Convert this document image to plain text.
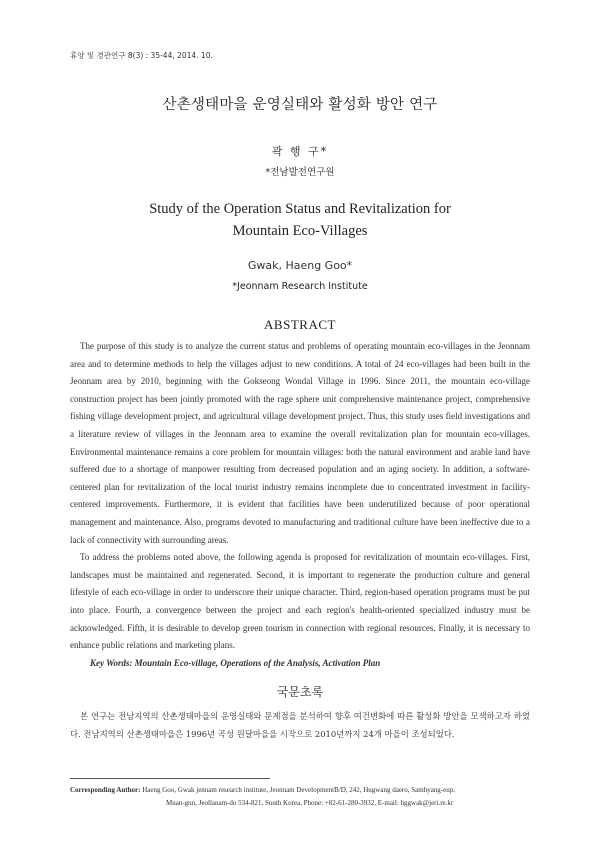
휴양 및 경관연구 8(3) : 35-44, 2014. 10.
산촌생태마을 운영실태와 활성화 방안 연구
곽 행 구*
*전남발전연구원
Study of the Operation Status and Revitalization for
Mountain Eco-Villages
Gwak, Haeng Goo*
*Jeonnam Research Institute
ABSTRACT

The purpose of this study is to analyze the current status and problems of operating mountain eco-villages in the Jeonnam area and to determine methods to help the villages adjust to new conditions. A total of 24 eco-villages had been built in the Jeonnam area by 2010, beginning with the Gokseong Wondal Village in 1996. Since 2011, the mountain eco-village construction project has been jointly promoted with the rage sphere unit comprehensive maintenance project, comprehensive fishing village development project, and agricultural village development project. Thus, this study uses field investigations and a literature review of villages in the Jeonnam area to examine the overall revitalization plan for mountain eco-villages. Environmental maintenance remains a core problem for mountain villages: both the natural environment and arable land have suffered due to a shortage of manpower resulting from decreased population and an aging society. In addition, a software-centered plan for revitalization of the local tourist industry remains incomplete due to concentrated investment in facility-centered improvements. Furthermore, it is evident that facilities have been underutilized because of poor operational management and maintenance. Also, programs devoted to manufacturing and traditional culture have been ineffective due to a lack of connectivity with surrounding areas.

To address the problems noted above, the following agenda is proposed for revitalization of mountain eco-villages. First, landscapes must be maintained and regenerated. Second, it is important to regenerate the production culture and general lifestyle of each eco-village in order to underscore their unique character. Third, region-based operation programs must be put into place. Fourth, a convergence between the project and each region's health-oriented specialized industry must be acknowledged. Fifth, it is desirable to develop green tourism in connection with regional resources. Finally, it is necessary to enhance public relations and marketing plans.

Key Words: Mountain Eco-village, Operations of the Analysis, Activation Plan

국문초록

본 연구는 전남지역의 산촌생태마을의 운영실태와 문제점을 분석하여 향후 여건변화에 따른 활성화 방안을 모색하고자 하였다. 전남지역의 산촌생태마을은 1996년 곡성 원달마을을 시작으로 2010년까지 24개 마을이 조성되었다.

Corresponding Author: Haeng Goo, Gwak jennam research institute, Jeonnam DevelopmentB/D, 242, Hugwang daero, Samhyang-eup,
Muan-gun, Jeollanam-do 534-821, South Korea, Phone: +82-61-280-3932, E-mail: hggwak@jeri.re.kr
